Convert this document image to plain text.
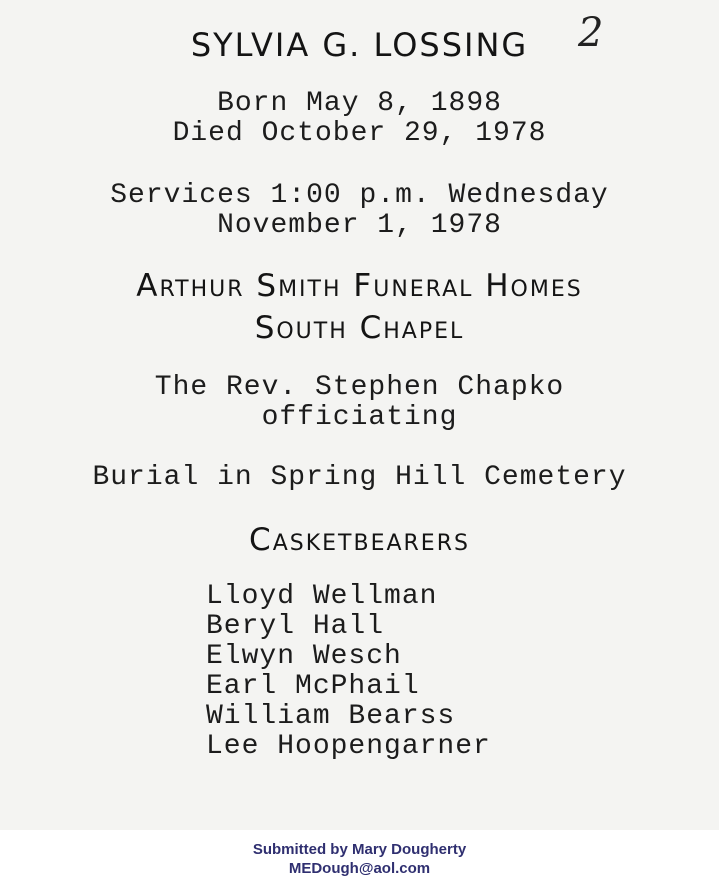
2
SYLVIA G. LOSSING
Born May 8, 1898
Died October 29, 1978
Services 1:00 p.m. Wednesday
November 1, 1978
Arthur Smith Funeral Homes
South Chapel
The Rev. Stephen Chapko
officiating
Burial in Spring Hill Cemetery
Casketbearers
Lloyd Wellman
Beryl Hall
Elwyn Wesch
Earl McPhail
William Bearss
Lee Hoopengarner
Submitted by Mary Dougherty
MEDough@aol.com
